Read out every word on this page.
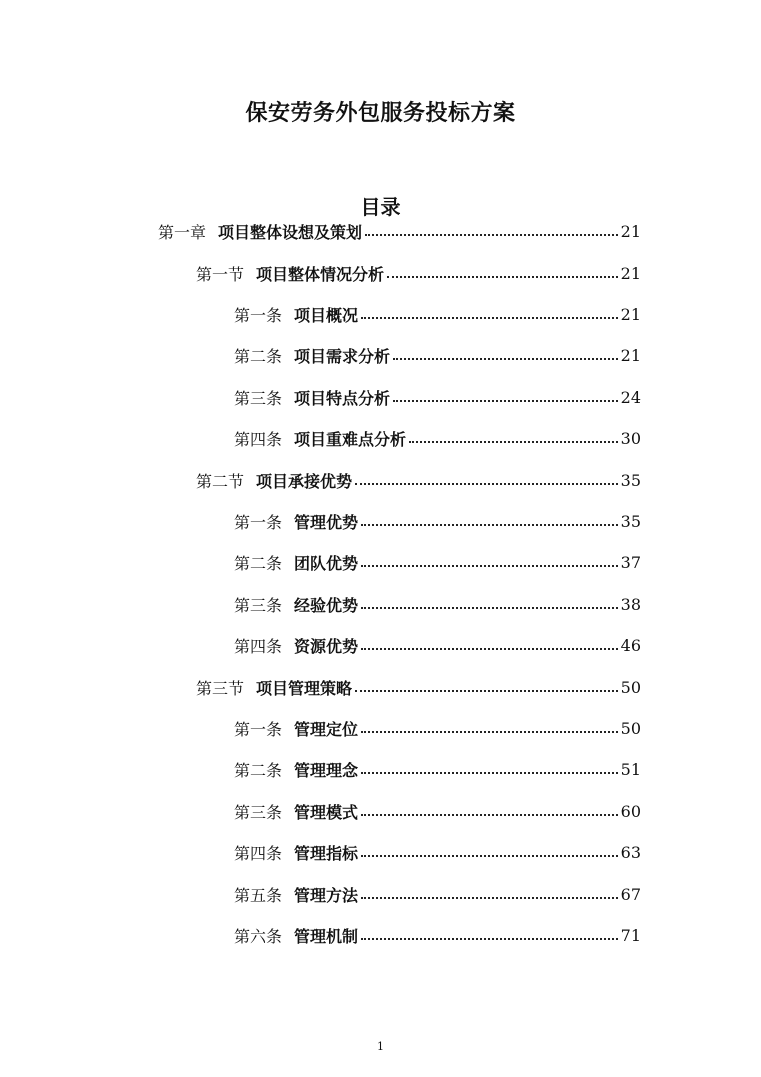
保安劳务外包服务投标方案
目录
第一章 项目整体设想及策划	21
第一节 项目整体情况分析	21
第一条 项目概况	21
第二条 项目需求分析	21
第三条 项目特点分析	24
第四条 项目重难点分析	30
第二节 项目承接优势	35
第一条 管理优势	35
第二条 团队优势	37
第三条 经验优势	38
第四条 资源优势	46
第三节 项目管理策略	50
第一条 管理定位	50
第二条 管理理念	51
第三条 管理模式	60
第四条 管理指标	63
第五条 管理方法	67
第六条 管理机制	71
1
